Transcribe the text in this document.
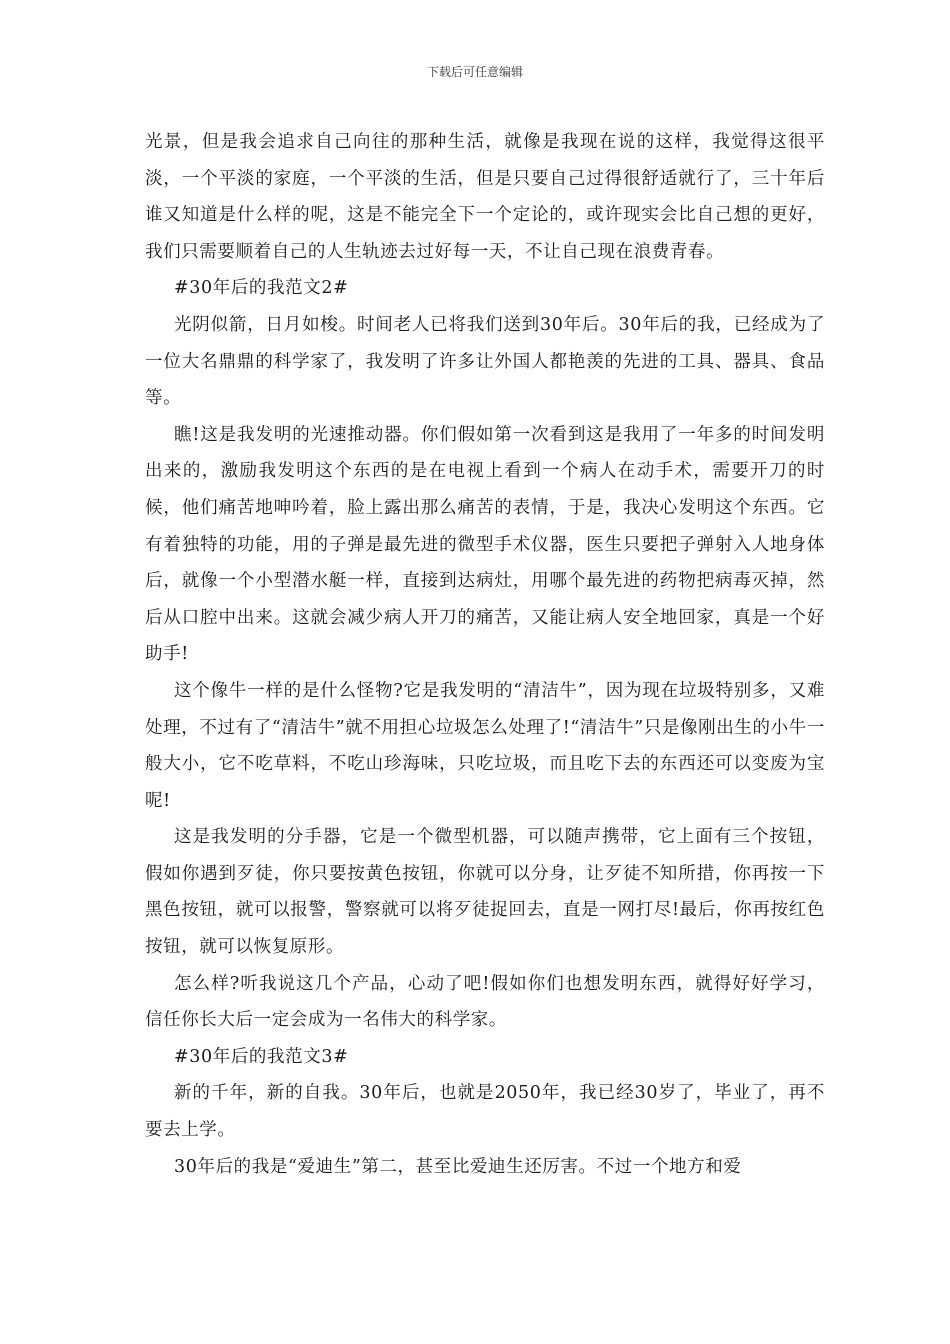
下载后可任意编辑

光景，但是我会追求自己向往的那种生活，就像是我现在说的这样，我觉得这很平淡，一个平淡的家庭，一个平淡的生活，但是只要自己过得很舒适就行了，三十年后谁又知道是什么样的呢，这是不能完全下一个定论的，或许现实会比自己想的更好，我们只需要顺着自己的人生轨迹去过好每一天，不让自己现在浪费青春。

#30年后的我范文2#

光阴似箭，日月如梭。时间老人已将我们送到30年后。30年后的我，已经成为了一位大名鼎鼎的科学家了，我发明了许多让外国人都艳羡的先进的工具、器具、食品等。

瞧!这是我发明的光速推动器。你们假如第一次看到这是我用了一年多的时间发明出来的，激励我发明这个东西的是在电视上看到一个病人在动手术，需要开刀的时候，他们痛苦地呻吟着，脸上露出那么痛苦的表情，于是，我决心发明这个东西。它有着独特的功能，用的子弹是最先进的微型手术仪器，医生只要把子弹射入人地身体后，就像一个小型潜水艇一样，直接到达病灶，用哪个最先进的药物把病毒灭掉，然后从口腔中出来。这就会减少病人开刀的痛苦，又能让病人安全地回家，真是一个好助手!

这个像牛一样的是什么怪物?它是我发明的“清洁牛”，因为现在垃圾特别多，又难处理，不过有了“清洁牛”就不用担心垃圾怎么处理了!“清洁牛”只是像刚出生的小牛一般大小，它不吃草料，不吃山珍海味，只吃垃圾，而且吃下去的东西还可以变废为宝呢!

这是我发明的分手器，它是一个微型机器，可以随声携带，它上面有三个按钮，假如你遇到歹徒，你只要按黄色按钮，你就可以分身，让歹徒不知所措，你再按一下黑色按钮，就可以报警，警察就可以将歹徒捉回去，直是一网打尽!最后，你再按红色按钮，就可以恢复原形。

怎么样?听我说这几个产品，心动了吧!假如你们也想发明东西，就得好好学习，信任你长大后一定会成为一名伟大的科学家。

#30年后的我范文3#

新的千年，新的自我。30年后，也就是2050年，我已经30岁了，毕业了，再不要去上学。

30年后的我是“爱迪生”第二，甚至比爱迪生还厉害。不过一个地方和爱
